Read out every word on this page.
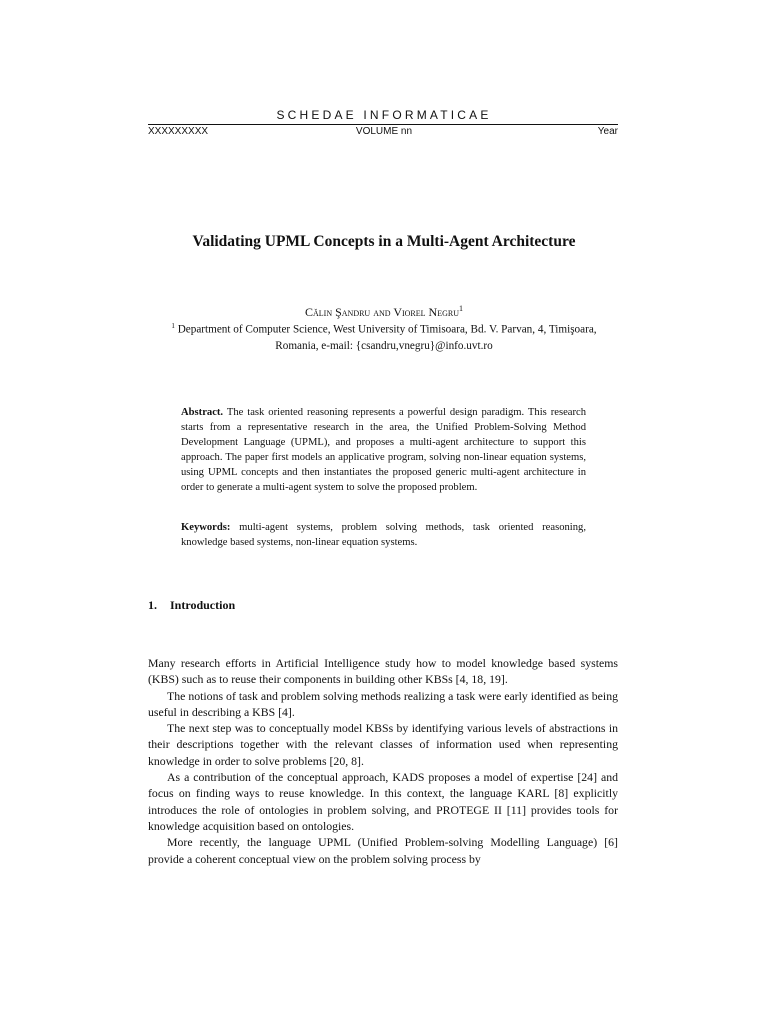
SCHEDAE INFORMATICAE
XXXXXXXXX	VOLUME nn	Year
Validating UPML Concepts in a Multi-Agent Architecture
Călin Şandru and Viorel Negru$^1$
$^1$ Department of Computer Science, West University of Timisoara, Bd. V. Parvan, 4, Timişoara, Romania, e-mail: {csandru,vnegru}@info.uvt.ro

Abstract. The task oriented reasoning represents a powerful design paradigm. This research starts from a representative research in the area, the Unified Problem-Solving Method Development Language (UPML), and proposes a multi-agent architecture to support this approach. The paper first models an applicative program, solving non-linear equation systems, using UPML concepts and then instantiates the proposed generic multi-agent architecture in order to generate a multi-agent system to solve the proposed problem.

Keywords: multi-agent systems, problem solving methods, task oriented reasoning, knowledge based systems, non-linear equation systems.

1. Introduction

Many research efforts in Artificial Intelligence study how to model knowledge based systems (KBS) such as to reuse their components in building other KBSs [4, 18, 19].

The notions of task and problem solving methods realizing a task were early identified as being useful in describing a KBS [4].

The next step was to conceptually model KBSs by identifying various levels of abstractions in their descriptions together with the relevant classes of information used when representing knowledge in order to solve problems [20, 8].

As a contribution of the conceptual approach, KADS proposes a model of expertise [24] and focus on finding ways to reuse knowledge. In this context, the language KARL [8] explicitly introduces the role of ontologies in problem solving, and PROTEGE II [11] provides tools for knowledge acquisition based on ontologies.

More recently, the language UPML (Unified Problem-solving Modelling Language) [6] provide a coherent conceptual view on the problem solving process by
